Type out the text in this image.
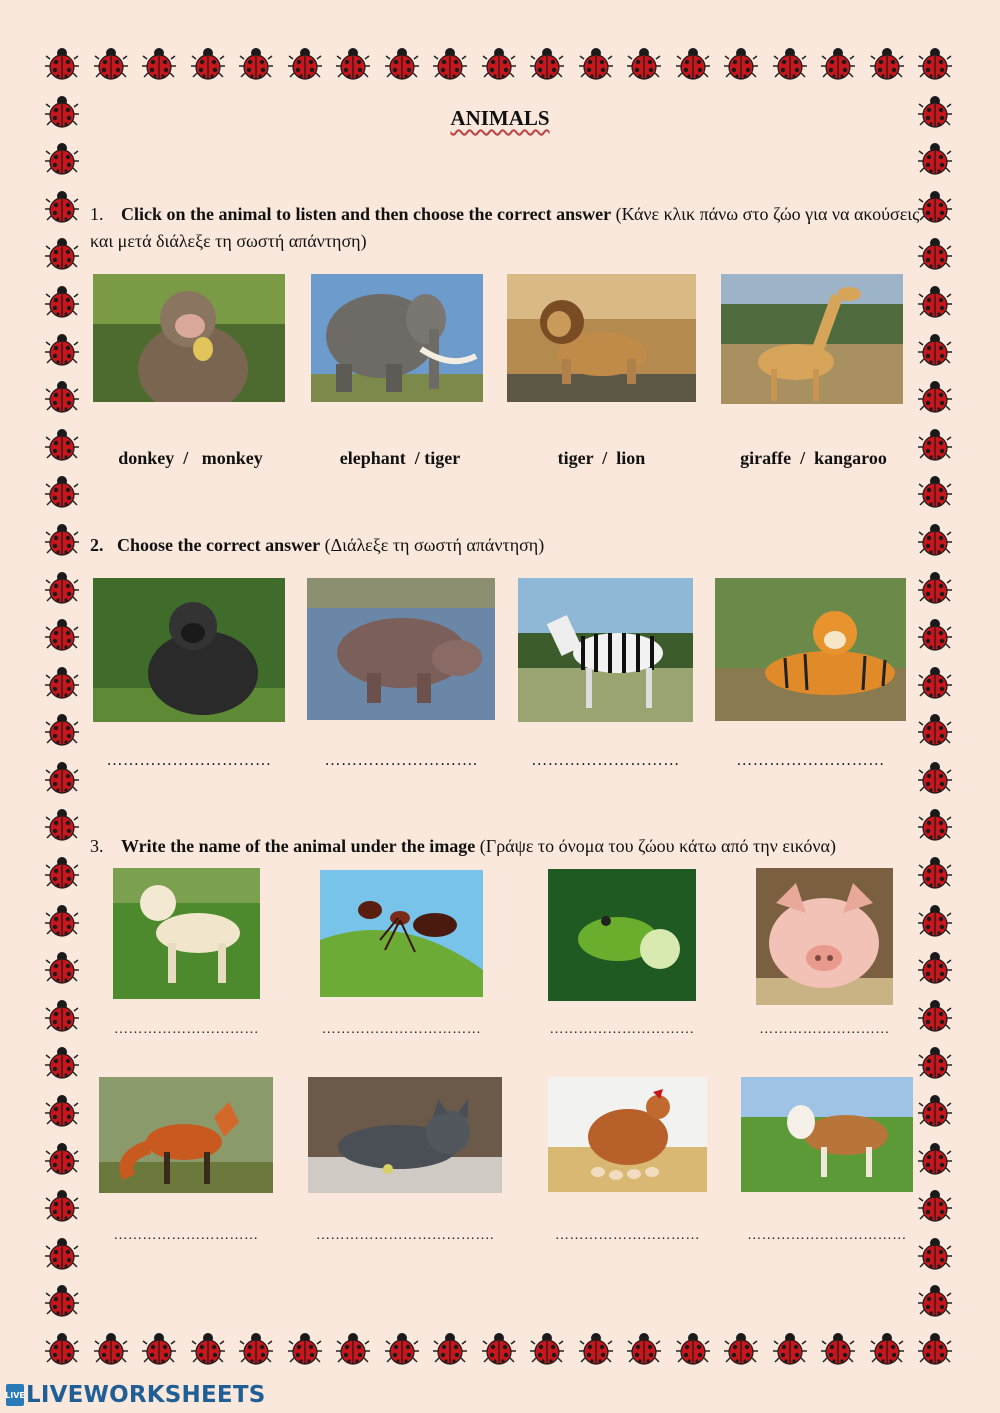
ANIMALS
1. Click on the animal to listen and then choose the correct answer (Κάνε κλικ πάνω στο ζώο για να ακούσεις και μετά διάλεξε τη σωστή απάντηση)
donkey  /   monkey	elephant  / tiger	tiger  /  lion	giraffe  /  kangaroo
2. Choose the correct answer (Διάλεξε τη σωστή απάντηση)
…………………………	……………………….	………………………	………………………
3. Write the name of the animal under the image (Γράψε το όνομα του ζώου κάτω από την εικόνα)
…………………………	……………………………	…………………………	………………………
…………………………	……………………………….	…………………………	……………………………
LIVE LIVEWORKSHEETS
